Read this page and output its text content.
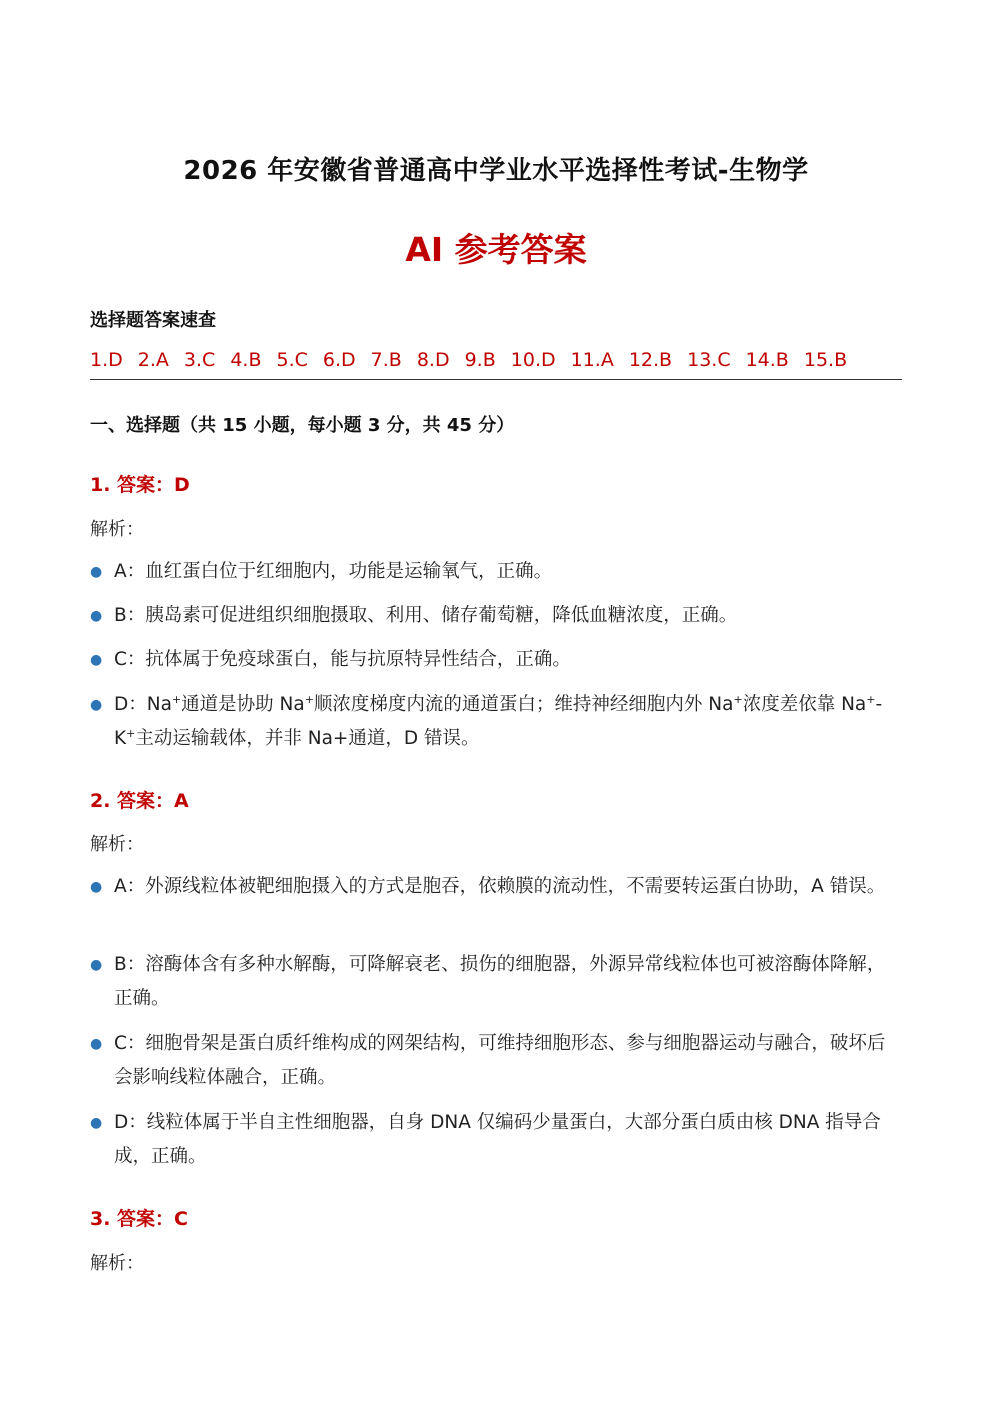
2026 年安徽省普通高中学业水平选择性考试-生物学
AI 参考答案
选择题答案速查
1.D 2.A 3.C 4.B 5.C 6.D 7.B 8.D 9.B 10.D 11.A 12.B 13.C 14.B 15.B
一、选择题（共 15 小题，每小题 3 分，共 45 分）
1. 答案：D
解析：
● A：血红蛋白位于红细胞内，功能是运输氧气，正确。
● B：胰岛素可促进组织细胞摄取、利用、储存葡萄糖，降低血糖浓度，正确。
● C：抗体属于免疫球蛋白，能与抗原特异性结合，正确。
● D：Na+通道是协助 Na+顺浓度梯度内流的通道蛋白；维持神经细胞内外 Na+浓度差依靠 Na+-K+主动运输载体，并非 Na+通道，D 错误。
2. 答案：A
解析：
● A：外源线粒体被靶细胞摄入的方式是胞吞，依赖膜的流动性，不需要转运蛋白协助，A 错误。
● B：溶酶体含有多种水解酶，可降解衰老、损伤的细胞器，外源异常线粒体也可被溶酶体降解，正确。
● C：细胞骨架是蛋白质纤维构成的网架结构，可维持细胞形态、参与细胞器运动与融合，破坏后会影响线粒体融合，正确。
● D：线粒体属于半自主性细胞器，自身 DNA 仅编码少量蛋白，大部分蛋白质由核 DNA 指导合成，正确。
3. 答案：C
解析：
